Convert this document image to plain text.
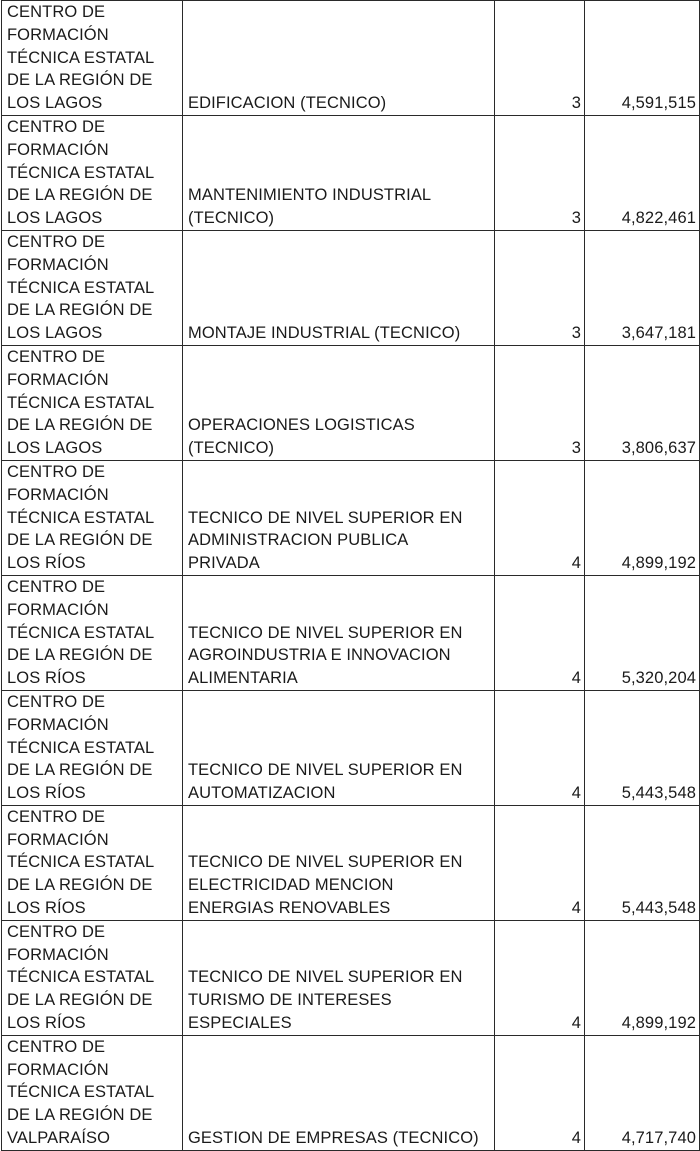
CENTRO DE
FORMACIÓN
TÉCNICA ESTATAL
DE LA REGIÓN DE
LOS LAGOS	EDIFICACION (TECNICO)	3	4,591,515
CENTRO DE
FORMACIÓN
TÉCNICA ESTATAL
DE LA REGIÓN DE
LOS LAGOS	MANTENIMIENTO INDUSTRIAL
(TECNICO)	3	4,822,461
CENTRO DE
FORMACIÓN
TÉCNICA ESTATAL
DE LA REGIÓN DE
LOS LAGOS	MONTAJE INDUSTRIAL (TECNICO)	3	3,647,181
CENTRO DE
FORMACIÓN
TÉCNICA ESTATAL
DE LA REGIÓN DE
LOS LAGOS	OPERACIONES LOGISTICAS
(TECNICO)	3	3,806,637
CENTRO DE
FORMACIÓN
TÉCNICA ESTATAL
DE LA REGIÓN DE
LOS RÍOS	TECNICO DE NIVEL SUPERIOR EN
ADMINISTRACION PUBLICA
PRIVADA	4	4,899,192
CENTRO DE
FORMACIÓN
TÉCNICA ESTATAL
DE LA REGIÓN DE
LOS RÍOS	TECNICO DE NIVEL SUPERIOR EN
AGROINDUSTRIA E INNOVACION
ALIMENTARIA	4	5,320,204
CENTRO DE
FORMACIÓN
TÉCNICA ESTATAL
DE LA REGIÓN DE
LOS RÍOS	TECNICO DE NIVEL SUPERIOR EN
AUTOMATIZACION	4	5,443,548
CENTRO DE
FORMACIÓN
TÉCNICA ESTATAL
DE LA REGIÓN DE
LOS RÍOS	TECNICO DE NIVEL SUPERIOR EN
ELECTRICIDAD MENCION
ENERGIAS RENOVABLES	4	5,443,548
CENTRO DE
FORMACIÓN
TÉCNICA ESTATAL
DE LA REGIÓN DE
LOS RÍOS	TECNICO DE NIVEL SUPERIOR EN
TURISMO DE INTERESES ESPECIALES	4	4,899,192
CENTRO DE
FORMACIÓN
TÉCNICA ESTATAL
DE LA REGIÓN DE
VALPARAÍSO	GESTION DE EMPRESAS (TECNICO)	4	4,717,740
